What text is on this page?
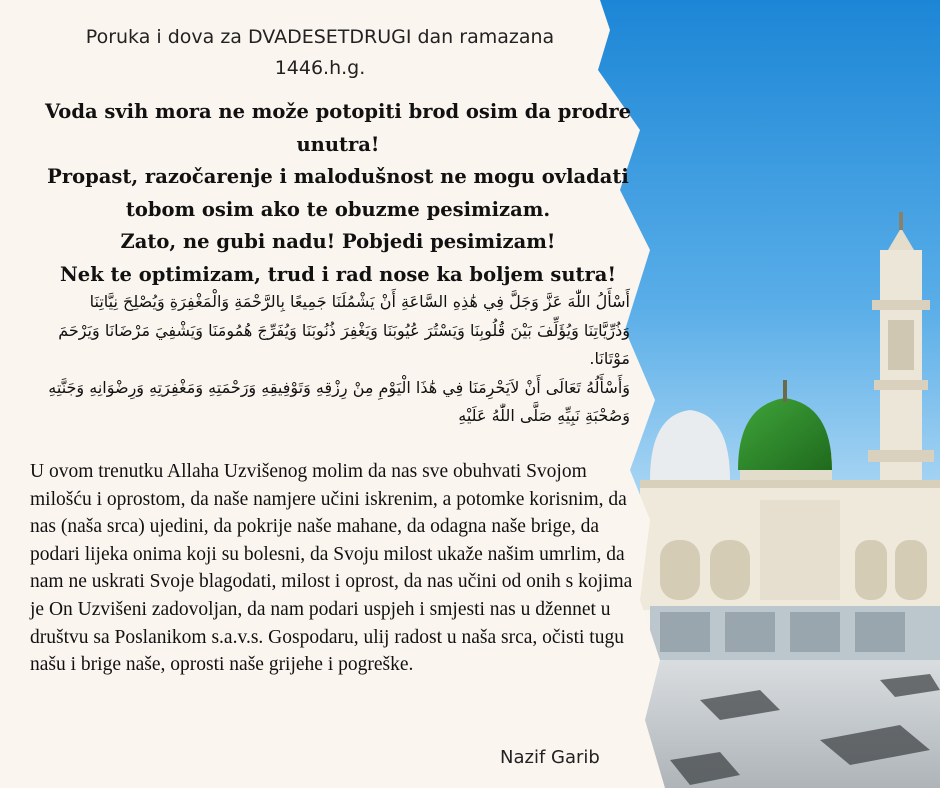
Poruka i dova za DVADESETDRUGI dan ramazana 1446.h.g.
Voda svih mora ne može potopiti brod osim da prodre unutra!
Propast, razočarenje i malodušnost ne mogu ovladati tobom osim ako te obuzme pesimizam.
Zato, ne gubi nadu! Pobjedi pesimizam!
Nek te optimizam, trud i rad nose ka boljem sutra!
أَسْأَلُ اللّٰهَ عَزَّ وَجَلَّ فِي هَٰذِهِ السَّاعَةِ أَنْ يَشْمُلَنَا جَمِيعًا بِالرَّحْمَةِ وَالْمَغْفِرَةِ وَيُصْلِحَ نِيَّاتِنَا وَذُرِّيَّاتِنَا وَيُؤَلِّفَ بَيْنَ قُلُوبِنَا وَيَسْتُرَ عُيُوبَنَا وَيَغْفِرَ ذُنُوبَنَا وَيُفَرِّجَ هُمُومَنَا وَيَشْفِيَ مَرْضَانَا وَيَرْحَمَ مَوْتَانَا.
وَأَسْأَلُهُ تَعَالَى أَنْ لاَيَحْرِمَنَا فِي هَٰذَا الْيَوْمِ مِنْ رِزْقِهِ وَتَوْفِيقِهِ وَرَحْمَتِهِ وَمَغْفِرَتِهِ وَرِضْوَانِهِ وَجَنَّتِهِ وَصُحْبَةِ نَبِيِّهِ صَلَّى اللّٰهُ عَلَيْهِ
U ovom trenutku Allaha Uzvišenog molim da nas sve obuhvati Svojom milošću i oprostom, da naše namjere učini iskrenim, a potomke korisnim, da nas (naša srca) ujedini, da pokrije naše mahane, da odagna naše brige, da podari lijeka onima koji su bolesni, da Svoju milost ukaže našim umrlim, da nam ne uskrati Svoje blagodati, milost i oprost, da nas učini od onih s kojima je On Uzvišeni zadovoljan, da nam podari uspjeh i smjesti nas u džennet u društvu sa Poslanikom s.a.v.s. Gospodaru, ulij radost u naša srca, očisti tugu našu i brige naše, oprosti naše grijehe i pogreške.
Nazif Garib
